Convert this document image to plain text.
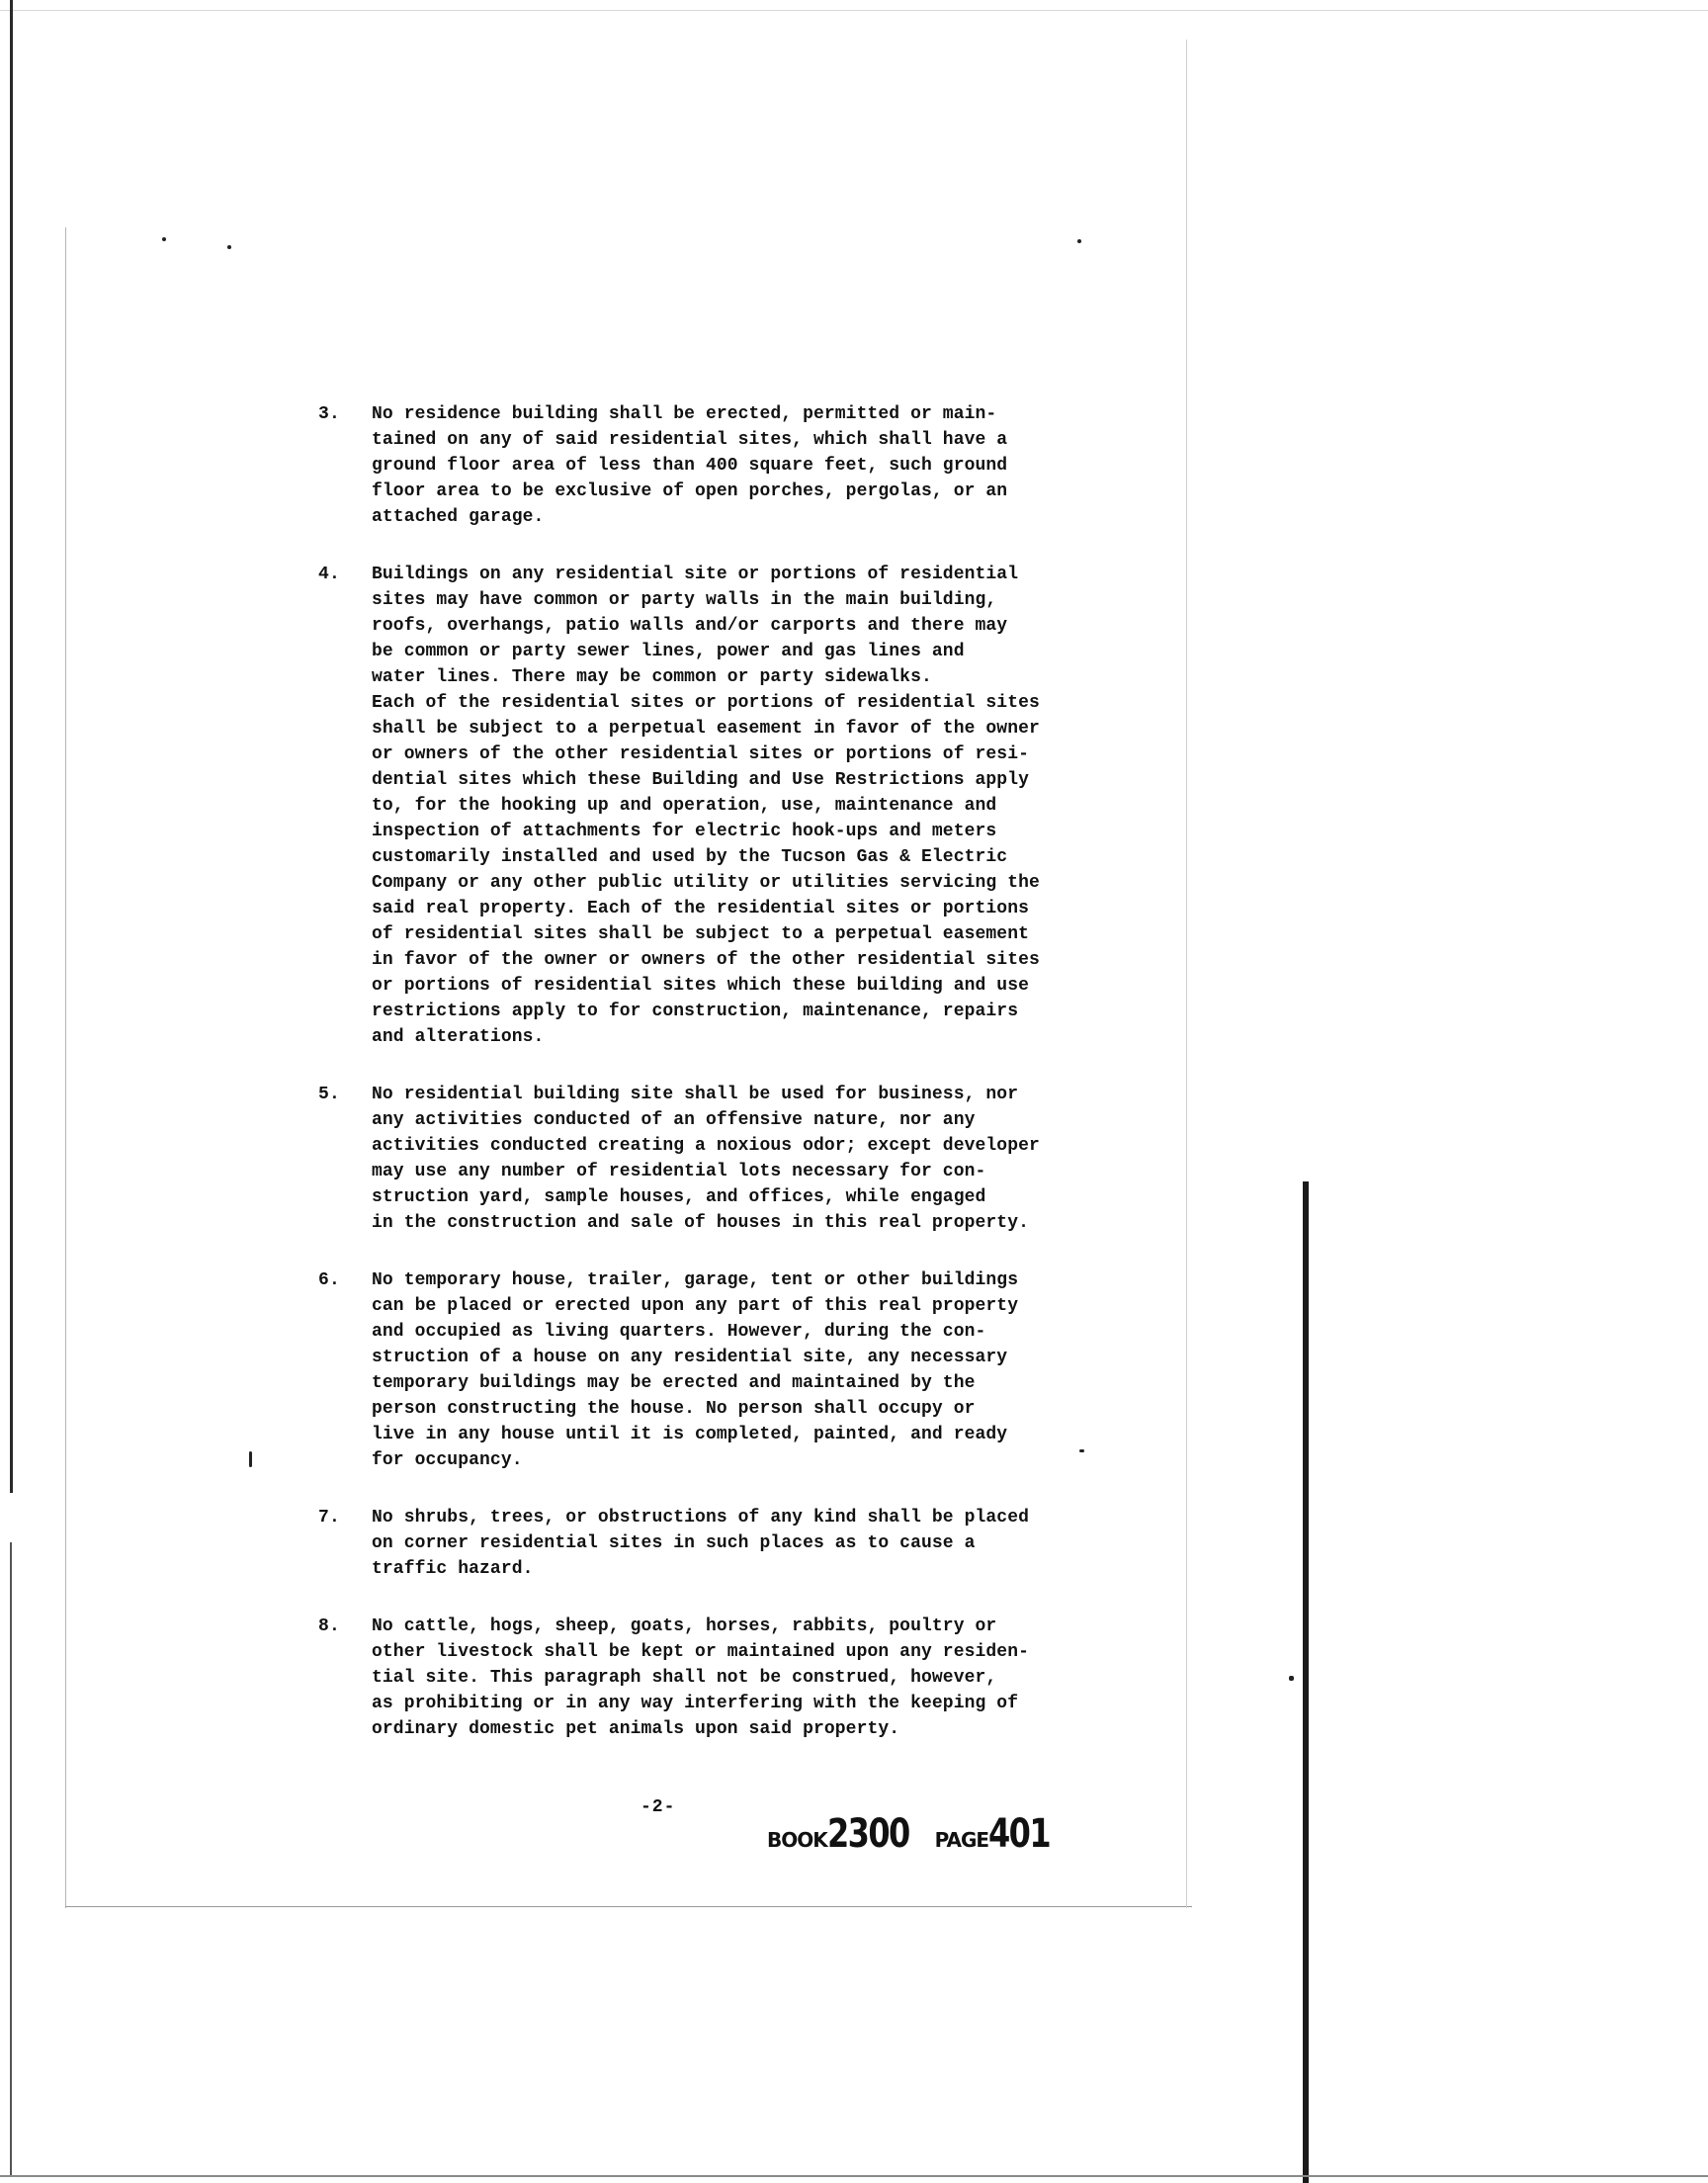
3.	No residence building shall be erected, permitted or main-
tained on any of said residential sites, which shall have a
ground floor area of less than 400 square feet, such ground
floor area to be exclusive of open porches, pergolas, or an
attached garage.
4.	Buildings on any residential site or portions of residential
sites may have common or party walls in the main building,
roofs, overhangs, patio walls and/or carports and there may
be common or party sewer lines, power and gas lines and
water lines. There may be common or party sidewalks.
Each of the residential sites or portions of residential sites
shall be subject to a perpetual easement in favor of the owner
or owners of the other residential sites or portions of resi-
dential sites which these Building and Use Restrictions apply
to, for the hooking up and operation, use, maintenance and
inspection of attachments for electric hook-ups and meters
customarily installed and used by the Tucson Gas & Electric
Company or any other public utility or utilities servicing the
said real property. Each of the residential sites or portions
of residential sites shall be subject to a perpetual easement
in favor of the owner or owners of the other residential sites
or portions of residential sites which these building and use
restrictions apply to for construction, maintenance, repairs
and alterations.
5.	No residential building site shall be used for business, nor
any activities conducted of an offensive nature, nor any
activities conducted creating a noxious odor; except developer
may use any number of residential lots necessary for con-
struction yard, sample houses, and offices, while engaged
in the construction and sale of houses in this real property.
6.	No temporary house, trailer, garage, tent or other buildings
can be placed or erected upon any part of this real property
and occupied as living quarters. However, during the con-
struction of a house on any residential site, any necessary
temporary buildings may be erected and maintained by the
person constructing the house. No person shall occupy or
live in any house until it is completed, painted, and ready
for occupancy.
7.	No shrubs, trees, or obstructions of any kind shall be placed
on corner residential sites in such places as to cause a
traffic hazard.
8.	No cattle, hogs, sheep, goats, horses, rabbits, poultry or
other livestock shall be kept or maintained upon any residen-
tial site. This paragraph shall not be construed, however,
as prohibiting or in any way interfering with the keeping of
ordinary domestic pet animals upon said property.
-2-
BOOK2300 PAGE401
